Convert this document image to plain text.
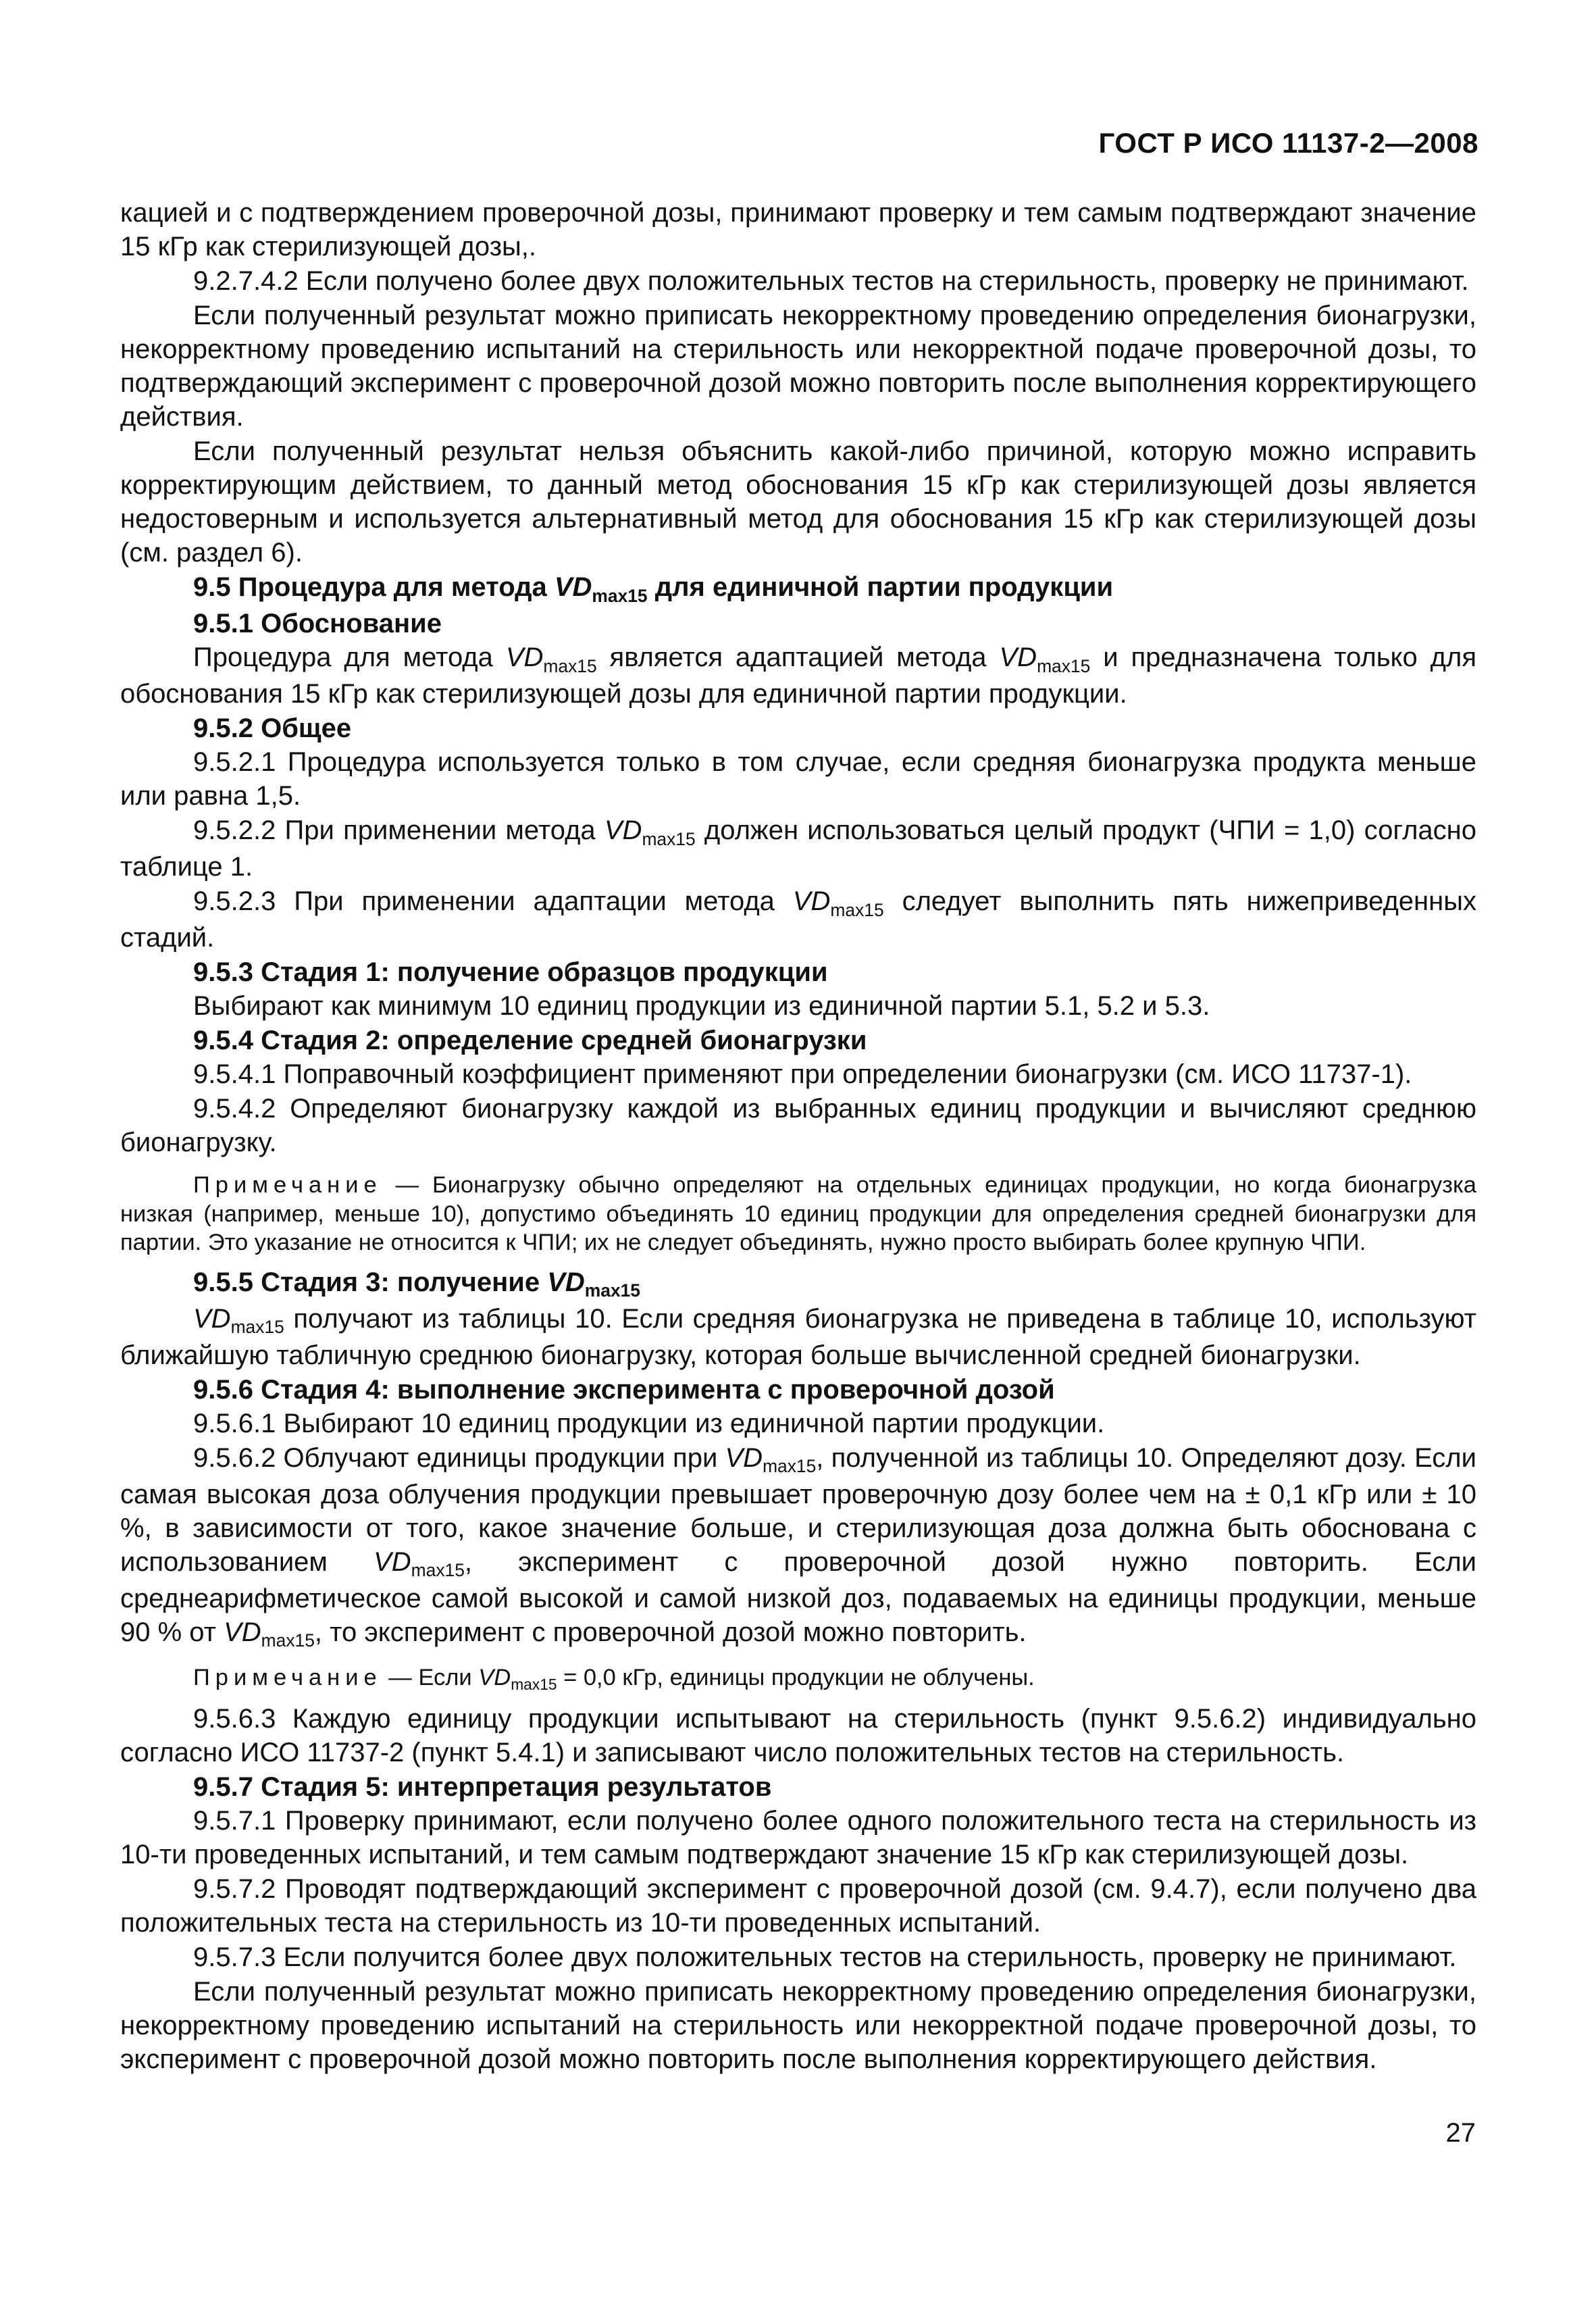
ГОСТ Р ИСО 11137-2—2008

кацией и с подтверждением проверочной дозы, принимают проверку и тем самым подтверждают значение 15 кГр как стерилизующей дозы,.

9.2.7.4.2 Если получено более двух положительных тестов на стерильность, проверку не принимают.

Если полученный результат можно приписать некорректному проведению определения бионагрузки, некорректному проведению испытаний на стерильность или некорректной подаче проверочной дозы, то подтверждающий эксперимент с проверочной дозой можно повторить после выполнения корректирующего действия.

Если полученный результат нельзя объяснить какой-либо причиной, которую можно исправить корректирующим действием, то данный метод обоснования 15 кГр как стерилизующей дозы является недостоверным и используется альтернативный метод для обоснования 15 кГр как стерилизующей дозы (см. раздел 6).

9.5 Процедура для метода $VD_{max15}$ для единичной партии продукции

9.5.1 Обоснование

Процедура для метода $VD_{max15}$ является адаптацией метода $VD_{max15}$ и предназначена только для обоснования 15 кГр как стерилизующей дозы для единичной партии продукции.

9.5.2 Общее

9.5.2.1 Процедура используется только в том случае, если средняя бионагрузка продукта меньше или равна 1,5.

9.5.2.2 При применении метода $VD_{max15}$ должен использоваться целый продукт (ЧПИ = 1,0) согласно таблице 1.

9.5.2.3 При применении адаптации метода $VD_{max15}$ следует выполнить пять нижеприведенных стадий.

9.5.3 Стадия 1: получение образцов продукции

Выбирают как минимум 10 единиц продукции из единичной партии 5.1, 5.2 и 5.3.

9.5.4 Стадия 2: определение средней бионагрузки

9.5.4.1 Поправочный коэффициент применяют при определении бионагрузки (см. ИСО 11737-1).

9.5.4.2 Определяют бионагрузку каждой из выбранных единиц продукции и вычисляют среднюю бионагрузку.

Примечание — Бионагрузку обычно определяют на отдельных единицах продукции, но когда бионагрузка низкая (например, меньше 10), допустимо объединять 10 единиц продукции для определения средней бионагрузки для партии. Это указание не относится к ЧПИ; их не следует объединять, нужно просто выбирать более крупную ЧПИ.

9.5.5 Стадия 3: получение $VD_{max15}$

$VD_{max15}$ получают из таблицы 10. Если средняя бионагрузка не приведена в таблице 10, используют ближайшую табличную среднюю бионагрузку, которая больше вычисленной средней бионагрузки.

9.5.6 Стадия 4: выполнение эксперимента с проверочной дозой

9.5.6.1 Выбирают 10 единиц продукции из единичной партии продукции.

9.5.6.2 Облучают единицы продукции при $VD_{max15}$, полученной из таблицы 10. Определяют дозу. Если самая высокая доза облучения продукции превышает проверочную дозу более чем на ± 0,1 кГр или ± 10 %, в зависимости от того, какое значение больше, и стерилизующая доза должна быть обоснована с использованием $VD_{max15}$, эксперимент с проверочной дозой нужно повторить. Если среднеарифметическое самой высокой и самой низкой доз, подаваемых на единицы продукции, меньше 90 % от $VD_{max15}$, то эксперимент с проверочной дозой можно повторить.

Примечание — Если $VD_{max15} = 0,0$ кГр, единицы продукции не облучены.

9.5.6.3 Каждую единицу продукции испытывают на стерильность (пункт 9.5.6.2) индивидуально согласно ИСО 11737-2 (пункт 5.4.1) и записывают число положительных тестов на стерильность.

9.5.7 Стадия 5: интерпретация результатов

9.5.7.1 Проверку принимают, если получено более одного положительного теста на стерильность из 10-ти проведенных испытаний, и тем самым подтверждают значение 15 кГр как стерилизующей дозы.

9.5.7.2 Проводят подтверждающий эксперимент с проверочной дозой (см. 9.4.7), если получено два положительных теста на стерильность из 10-ти проведенных испытаний.

9.5.7.3 Если получится более двух положительных тестов на стерильность, проверку не принимают.

Если полученный результат можно приписать некорректному проведению определения бионагрузки, некорректному проведению испытаний на стерильность или некорректной подаче проверочной дозы, то эксперимент с проверочной дозой можно повторить после выполнения корректирующего действия.

27
